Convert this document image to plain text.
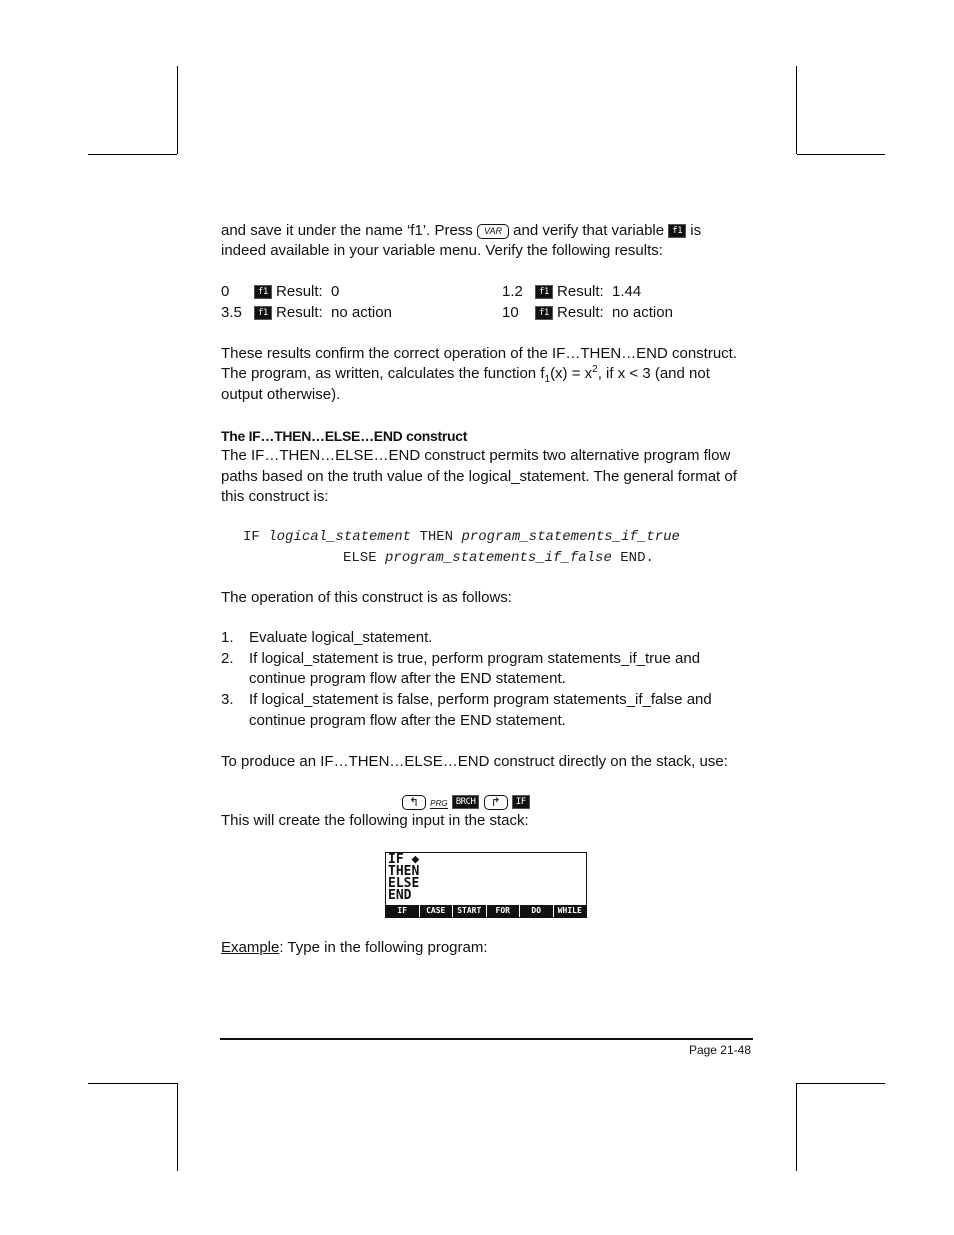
and save it under the name ‘f1’. Press VAR and verify that variable f1 is
indeed available in your variable menu. Verify the following results:
0	f1 Result: 0	1.2 f1 Result: 1.44
3.5 f1 Result: no action	10 f1 Result: no action
These results confirm the correct operation of the IF…THEN…END construct.
The program, as written, calculates the function $f_1(x) = x^2$, if x < 3 (and not
output otherwise).
The IF…THEN…ELSE…END construct
The IF…THEN…ELSE…END construct permits two alternative program flow
paths based on the truth value of the logical_statement. The general format of
this construct is:
IF logical_statement THEN program_statements_if_true
ELSE program_statements_if_false END.
The operation of this construct is as follows:
1. Evaluate logical_statement.
2. If logical_statement is true, perform program statements_if_true and
continue program flow after the END statement.
3. If logical_statement is false, perform program statements_if_false and
continue program flow after the END statement.
To produce an IF…THEN…ELSE…END construct directly on the stack, use:
↰ PRG BRCH ↱ IF
This will create the following input in the stack:
IF ◆
THEN
ELSE
END
IF	CASE	START	FOR	DO	WHILE
Example: Type in the following program:
Page 21-48
